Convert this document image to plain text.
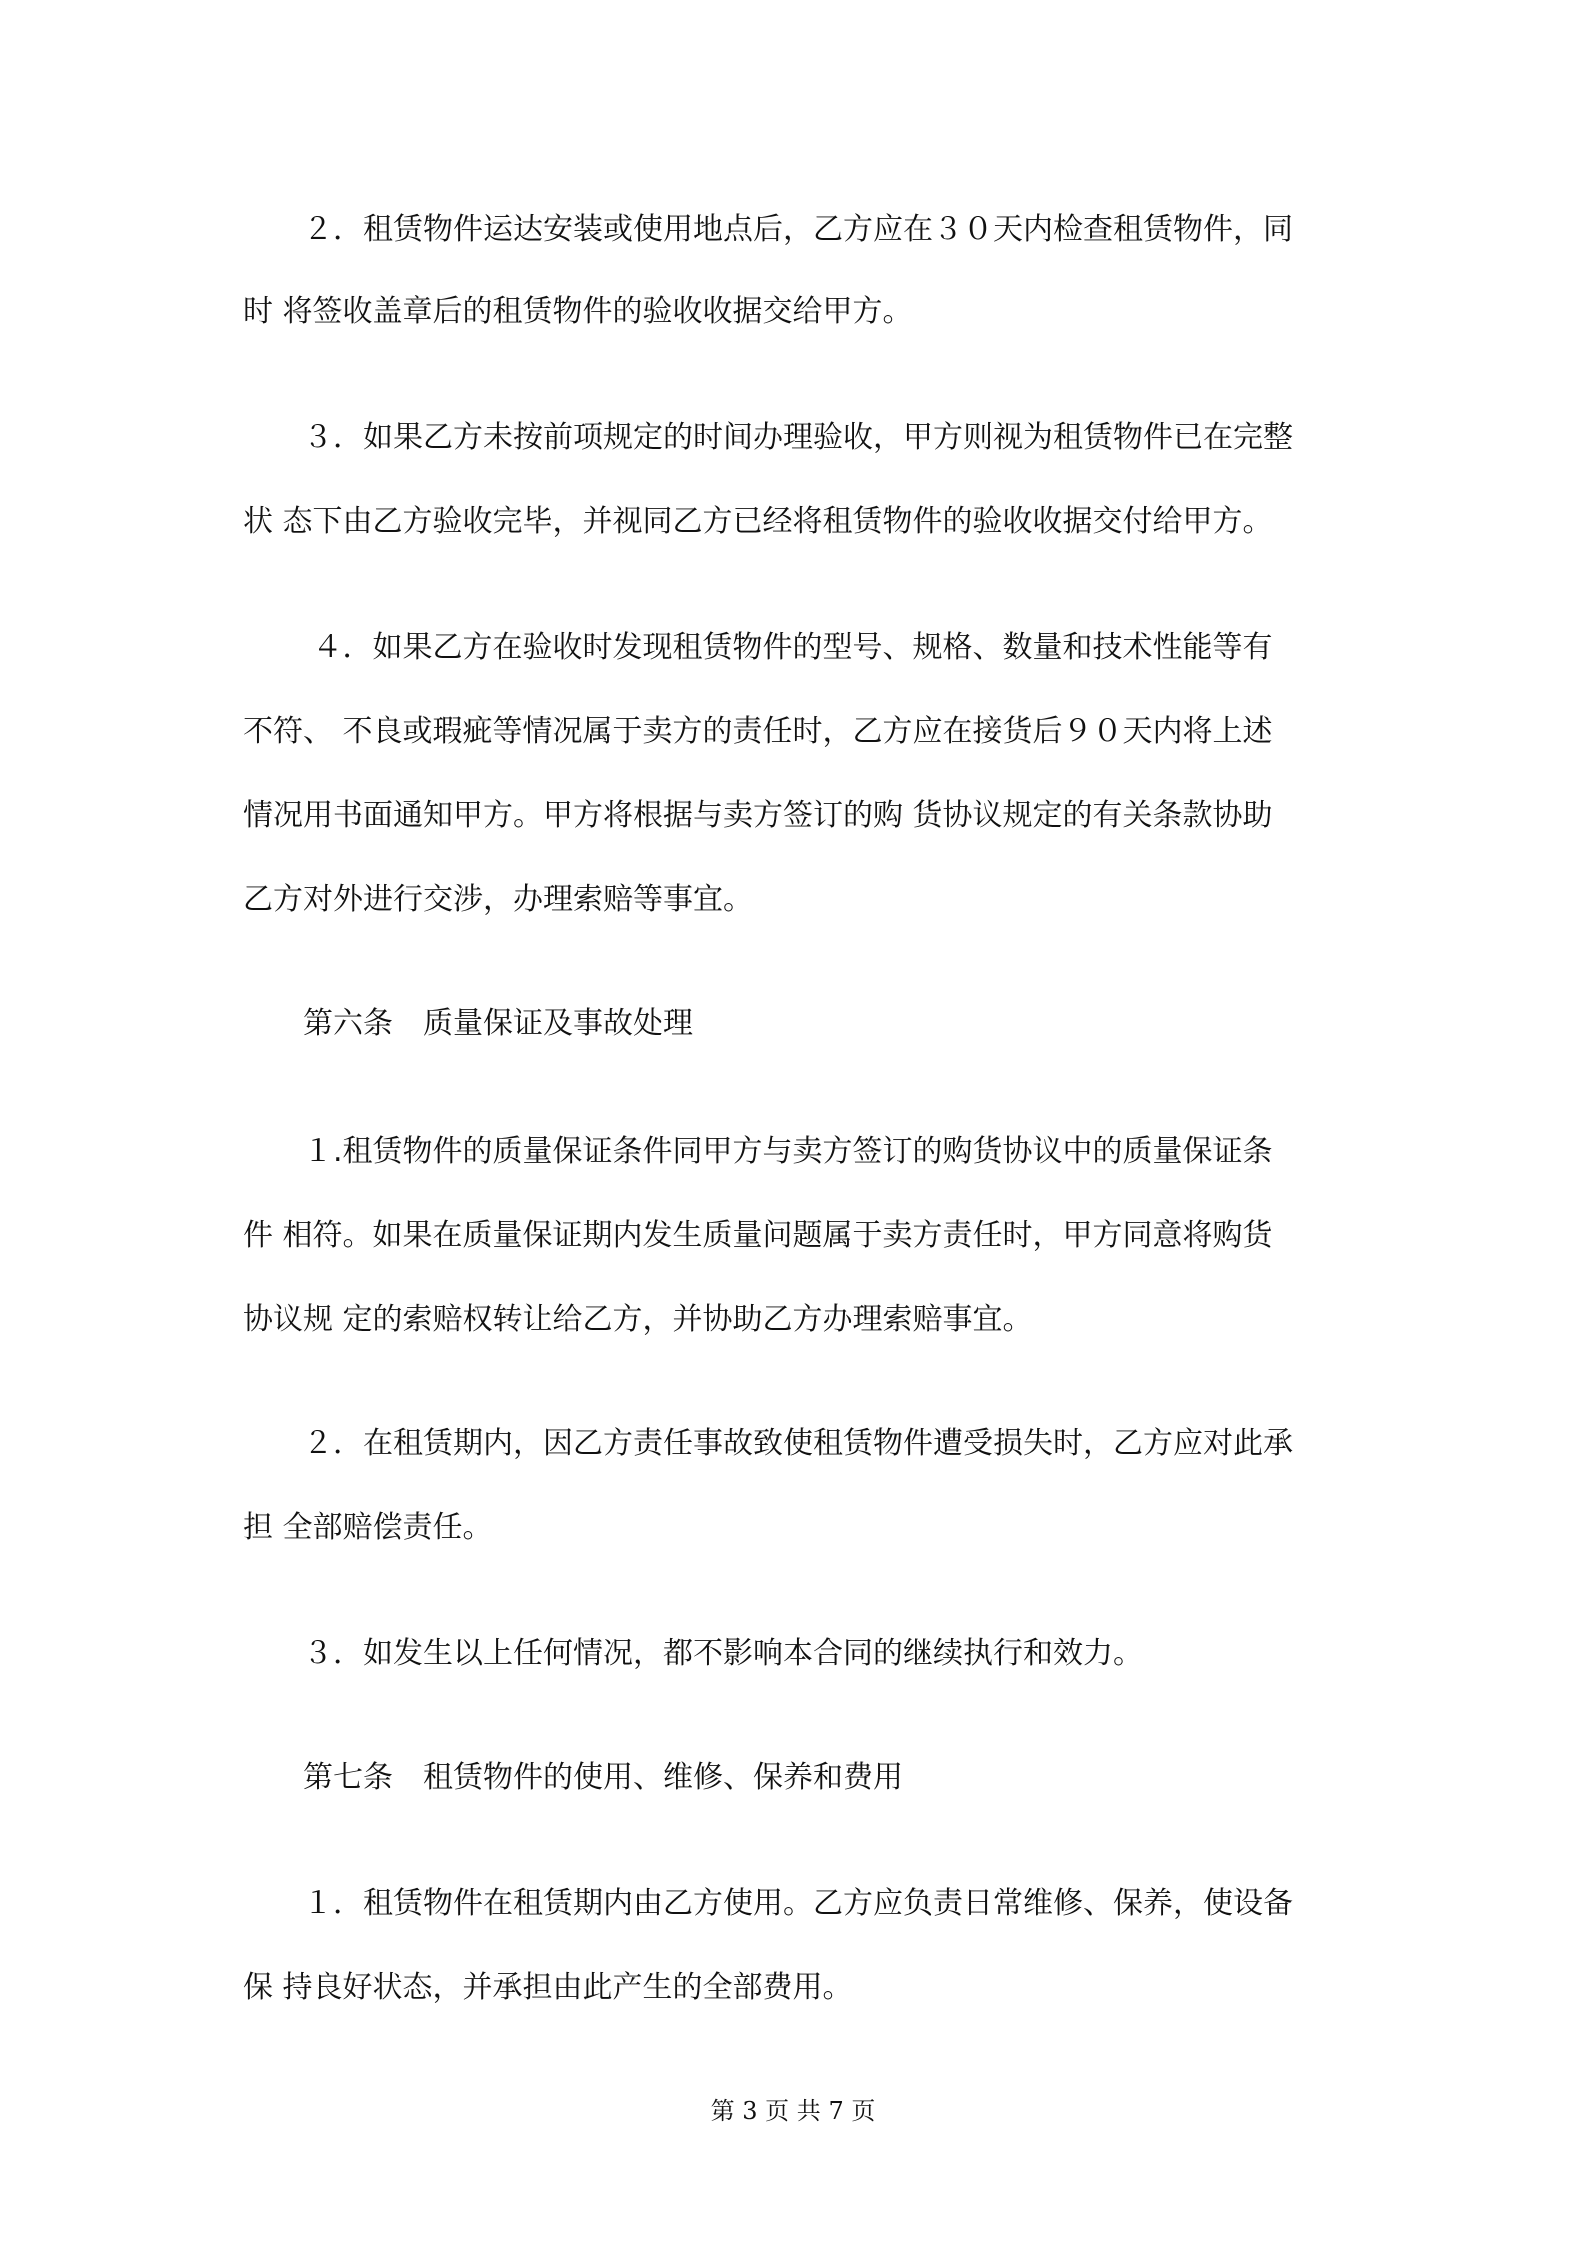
　　２．租赁物件运达安装或使用地点后，乙方应在３０天内检查租赁物件，同
时 将签收盖章后的租赁物件的验收收据交给甲方。
　　３．如果乙方未按前项规定的时间办理验收，甲方则视为租赁物件已在完整
状 态下由乙方验收完毕，并视同乙方已经将租赁物件的验收收据交付给甲方。
　　 ４．如果乙方在验收时发现租赁物件的型号、规格、数量和技术性能等有
不符、 不良或瑕疵等情况属于卖方的责任时，乙方应在接货后９０天内将上述
情况用书面通知甲方。甲方将根据与卖方签订的购 货协议规定的有关条款协助
乙方对外进行交涉，办理索赔等事宜。
　　第六条　质量保证及事故处理
　　１.租赁物件的质量保证条件同甲方与卖方签订的购货协议中的质量保证条
件 相符。如果在质量保证期内发生质量问题属于卖方责任时，甲方同意将购货
协议规 定的索赔权转让给乙方，并协助乙方办理索赔事宜。
　　２．在租赁期内，因乙方责任事故致使租赁物件遭受损失时，乙方应对此承
担 全部赔偿责任。
　　３．如发生以上任何情况，都不影响本合同的继续执行和效力。
　　第七条　租赁物件的使用、维修、保养和费用
　　１．租赁物件在租赁期内由乙方使用。乙方应负责日常维修、保养，使设备
保 持良好状态，并承担由此产生的全部费用。
第 3 页 共 7 页
